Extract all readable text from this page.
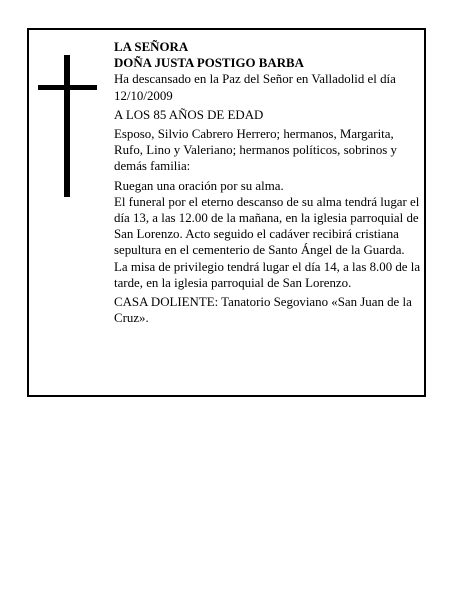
LA SEÑORA

DOÑA JUSTA POSTIGO BARBA

Ha descansado en la Paz del Señor en Valladolid el día 12/10/2009

A LOS 85 AÑOS DE EDAD

Esposo, Silvio Cabrero Herrero; hermanos, Margarita, Rufo, Lino y Valeriano; hermanos políticos, sobrinos y demás familia:

Ruegan una oración por su alma.

El funeral por el eterno descanso de su alma tendrá lugar el día 13, a las 12.00 de la mañana, en la iglesia parroquial de San Lorenzo. Acto seguido el cadáver recibirá cristiana sepultura en el cementerio de Santo Ángel de la Guarda.

La misa de privilegio tendrá lugar el día 14, a las 8.00 de la tarde, en la iglesia parroquial de San Lorenzo.

CASA DOLIENTE: Tanatorio Segoviano «San Juan de la Cruz».
